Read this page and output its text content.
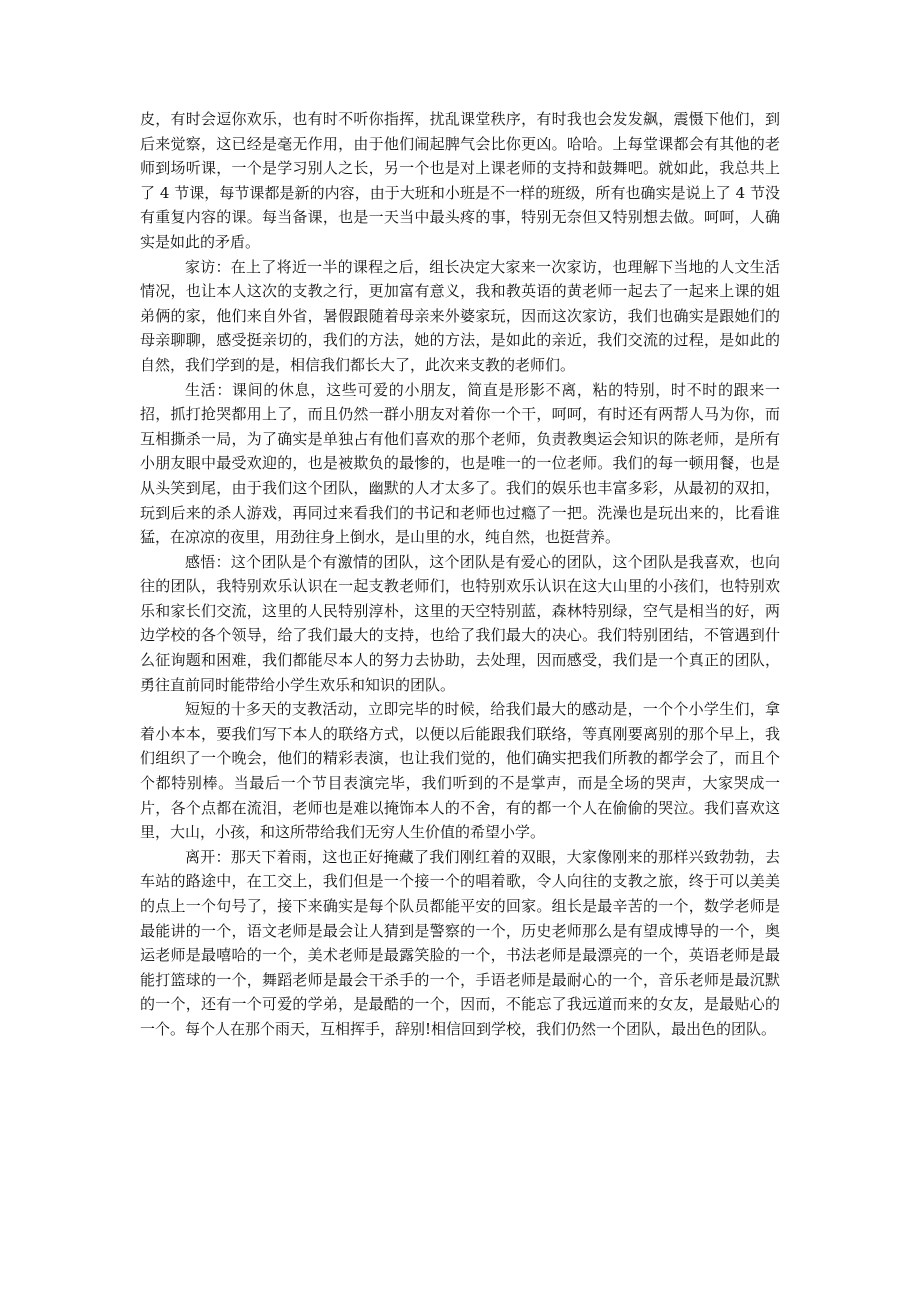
皮，有时会逗你欢乐，也有时不听你指挥，扰乱课堂秩序，有时我也会发发飙，震慑下他们，到后来觉察，这已经是毫无作用，由于他们闹起脾气会比你更凶。哈哈。上每堂课都会有其他的老师到场听课，一个是学习别人之长，另一个也是对上课老师的支持和鼓舞吧。就如此，我总共上了 4 节课，每节课都是新的内容，由于大班和小班是不一样的班级，所有也确实是说上了 4 节没有重复内容的课。每当备课，也是一天当中最头疼的事，特别无奈但又特别想去做。呵呵，人确实是如此的矛盾。

家访：在上了将近一半的课程之后，组长决定大家来一次家访，也理解下当地的人文生活情况，也让本人这次的支教之行，更加富有意义，我和教英语的黄老师一起去了一起来上课的姐弟俩的家，他们来自外省，暑假跟随着母亲来外婆家玩，因而这次家访，我们也确实是跟她们的母亲聊聊，感受挺亲切的，我们的方法，她的方法，是如此的亲近，我们交流的过程，是如此的自然，我们学到的是，相信我们都长大了，此次来支教的老师们。

生活：课间的休息，这些可爱的小朋友，简直是形影不离，粘的特别，时不时的跟来一招，抓打抢哭都用上了，而且仍然一群小朋友对着你一个干，呵呵，有时还有两帮人马为你，而互相撕杀一局，为了确实是单独占有他们喜欢的那个老师，负责教奥运会知识的陈老师，是所有小朋友眼中最受欢迎的，也是被欺负的最惨的，也是唯一的一位老师。我们的每一顿用餐，也是从头笑到尾，由于我们这个团队，幽默的人才太多了。我们的娱乐也丰富多彩，从最初的双扣，玩到后来的杀人游戏，再同过来看我们的书记和老师也过瘾了一把。洗澡也是玩出来的，比看谁猛，在凉凉的夜里，用劲往身上倒水，是山里的水，纯自然，也挺营养。

感悟：这个团队是个有激情的团队，这个团队是有爱心的团队，这个团队是我喜欢，也向往的团队，我特别欢乐认识在一起支教老师们，也特别欢乐认识在这大山里的小孩们，也特别欢乐和家长们交流，这里的人民特别淳朴，这里的天空特别蓝，森林特别绿，空气是相当的好，两边学校的各个领导，给了我们最大的支持，也给了我们最大的决心。我们特别团结，不管遇到什么征询题和困难，我们都能尽本人的努力去协助，去处理，因而感受，我们是一个真正的团队，勇往直前同时能带给小学生欢乐和知识的团队。

短短的十多天的支教活动，立即完毕的时候，给我们最大的感动是，一个个小学生们，拿着小本本，要我们写下本人的联络方式，以便以后能跟我们联络，等真刚要离别的那个早上，我们组织了一个晚会，他们的精彩表演，也让我们觉的，他们确实把我们所教的都学会了，而且个个都特别棒。当最后一个节目表演完毕，我们听到的不是掌声，而是全场的哭声，大家哭成一片，各个点都在流泪，老师也是难以掩饰本人的不舍，有的都一个人在偷偷的哭泣。我们喜欢这里，大山，小孩，和这所带给我们无穷人生价值的希望小学。

离开：那天下着雨，这也正好掩藏了我们刚红着的双眼，大家像刚来的那样兴致勃勃，去车站的路途中，在工交上，我们但是一个接一个的唱着歌，令人向往的支教之旅，终于可以美美的点上一个句号了，接下来确实是每个队员都能平安的回家。组长是最辛苦的一个，数学老师是最能讲的一个，语文老师是最会让人猜到是警察的一个，历史老师那么是有望成博导的一个，奥运老师是最嘻哈的一个，美术老师是最露笑脸的一个，书法老师是最漂亮的一个，英语老师是最能打篮球的一个，舞蹈老师是最会干杀手的一个，手语老师是最耐心的一个，音乐老师是最沉默的一个，还有一个可爱的学弟，是最酷的一个，因而，不能忘了我远道而来的女友，是最贴心的一个。每个人在那个雨天，互相挥手，辞别!相信回到学校，我们仍然一个团队，最出色的团队。
